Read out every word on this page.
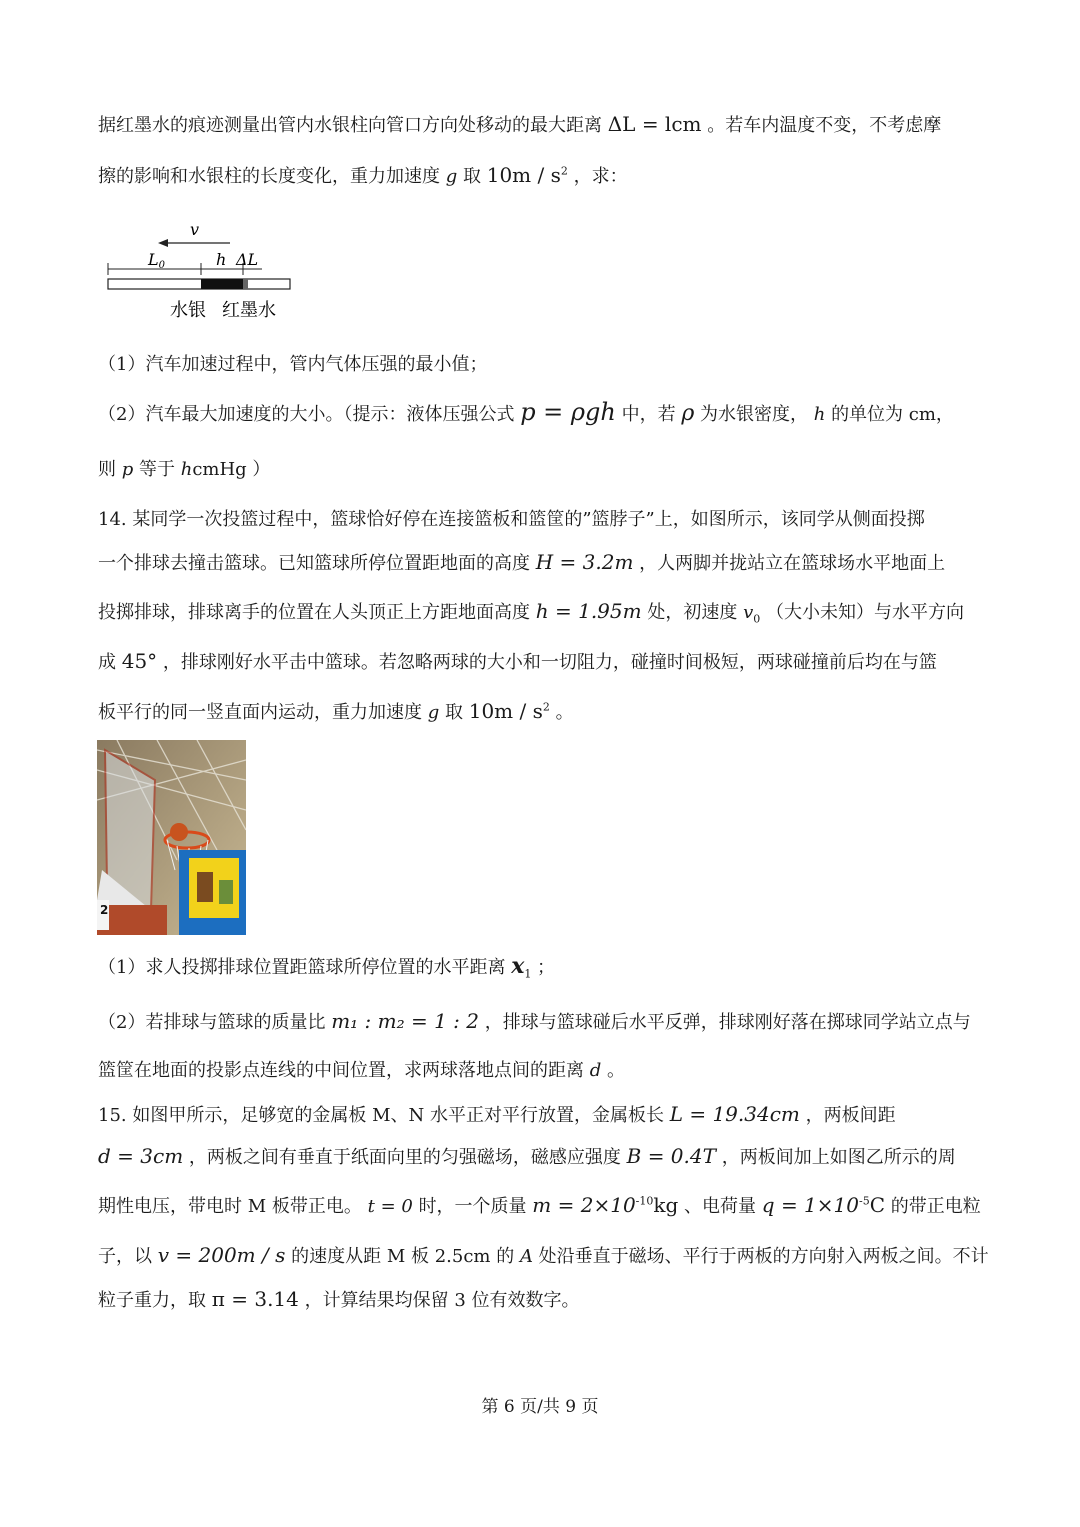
据红墨水的痕迹测量出管内水银柱向管口方向处移动的最大距离 ΔL = lcm 。若车内温度不变，不考虑摩
擦的影响和水银柱的长度变化，重力加速度 g 取 $10m / s^2$ ，求：
v
L0	h ΔL
水银 红墨水
（1）汽车加速过程中，管内气体压强的最小值；
（2）汽车最大加速度的大小。（提示：液体压强公式 p = ρgh 中，若 ρ 为水银密度， h 的单位为 cm，
则 p 等于 hcmHg ）
14. 某同学一次投篮过程中，篮球恰好停在连接篮板和篮筐的”篮脖子”上，如图所示，该同学从侧面投掷
一个排球去撞击篮球。已知篮球所停位置距地面的高度 H = 3.2m ，人两脚并拢站立在篮球场水平地面上
投掷排球，排球离手的位置在人头顶正上方距地面高度 h = 1.95m 处，初速度 $v_0$ （大小未知）与水平方向
成 45° ，排球刚好水平击中篮球。若忽略两球的大小和一切阻力，碰撞时间极短，两球碰撞前后均在与篮
板平行的同一竖直面内运动，重力加速度 g 取 $10m / s^2$ 。
2
（1）求人投掷排球位置距篮球所停位置的水平距离 $x_1$ ；
（2）若排球与篮球的质量比 m₁ : m₂ = 1 : 2 ，排球与篮球碰后水平反弹，排球刚好落在掷球同学站立点与
篮筐在地面的投影点连线的中间位置，求两球落地点间的距离 d 。
15. 如图甲所示，足够宽的金属板 M、N 水平正对平行放置，金属板长 L = 19.34cm ，两板间距
d = 3cm ，两板之间有垂直于纸面向里的匀强磁场，磁感应强度 B = 0.4T ，两板间加上如图乙所示的周
期性电压，带电时 M 板带正电。 t = 0 时，一个质量 $m = 2\times 10^{-10}kg$ 、电荷量 $q = 1\times 10^{-5}C$ 的带正电粒
子，以 v = 200m / s 的速度从距 M 板 2.5cm 的 A 处沿垂直于磁场、平行于两板的方向射入两板之间。不计
粒子重力，取 π = 3.14 ，计算结果均保留 3 位有效数字。
第 6 页/共 9 页
